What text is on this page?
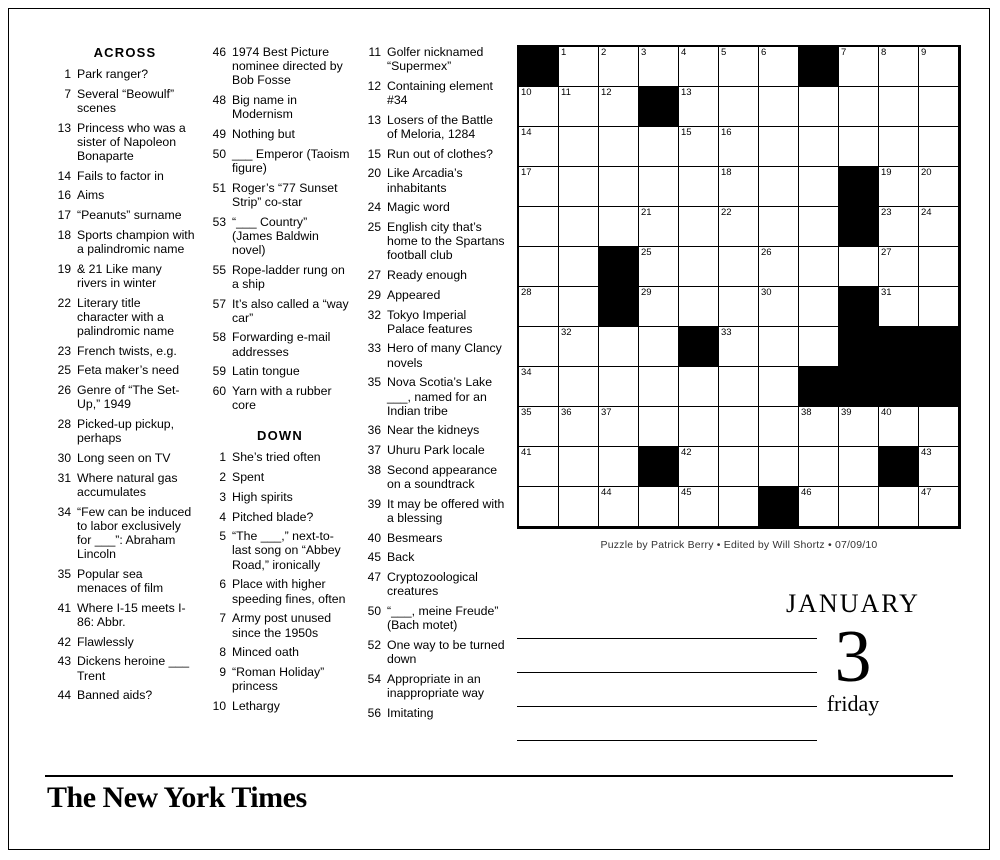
ACROSS
1 Park ranger?
7 Several “Beowulf” scenes
13 Princess who was a sister of Napoleon Bonaparte
14 Fails to factor in
16 Aims
17 “Peanuts” surname
18 Sports champion with a palindromic name
19 & 21 Like many rivers in winter
22 Literary title character with a palindromic name
23 French twists, e.g.
25 Feta maker’s need
26 Genre of “The Set-Up,” 1949
28 Picked-up pickup, perhaps
30 Long seen on TV
31 Where natural gas accumulates
34 “Few can be induced to labor exclusively for ___”: Abraham Lincoln
35 Popular sea menaces of film
41 Where I-15 meets I-86: Abbr.
42 Flawlessly
43 Dickens heroine ___ Trent
44 Banned aids?
46 1974 Best Picture nominee directed by Bob Fosse
48 Big name in Modernism
49 Nothing but
50 ___ Emperor (Taoism figure)
51 Roger’s “77 Sunset Strip” co-star
53 “___ Country” (James Baldwin novel)
55 Rope-ladder rung on a ship
57 It’s also called a “way car”
58 Forwarding e-mail addresses
59 Latin tongue
60 Yarn with a rubber core
DOWN
1 She’s tried often
2 Spent
3 High spirits
4 Pitched blade?
5 “The ___,” next-to-last song on “Abbey Road,” ironically
6 Place with higher speeding fines, often
7 Army post unused since the 1950s
8 Minced oath
9 “Roman Holiday” princess
10 Lethargy
11 Golfer nicknamed “Supermex”
12 Containing element #34
13 Losers of the Battle of Meloria, 1284
15 Run out of clothes?
20 Like Arcadia’s inhabitants
24 Magic word
25 English city that’s home to the Spartans football club
27 Ready enough
29 Appeared
32 Tokyo Imperial Palace features
33 Hero of many Clancy novels
35 Nova Scotia’s Lake ___, named for an Indian tribe
36 Near the kidneys
37 Uhuru Park locale
38 Second appearance on a soundtrack
39 It may be offered with a blessing
40 Besmears
45 Back
47 Cryptozoological creatures
50 “___, meine Freude” (Bach motet)
52 One way to be turned down
54 Appropriate in an inappropriate way
56 Imitating
1	2	3	4	5	6	7	8	9
10	11	12	13
14	15	16
17	18	19	20
21	22	23	24
25	26	27
28	29	30	31
32	33
34
35	36	37	38	39	40
41	42	43
44	45	46	47
Puzzle by Patrick Berry • Edited by Will Shortz • 07/09/10
JANUARY
3
friday
The New York Times
